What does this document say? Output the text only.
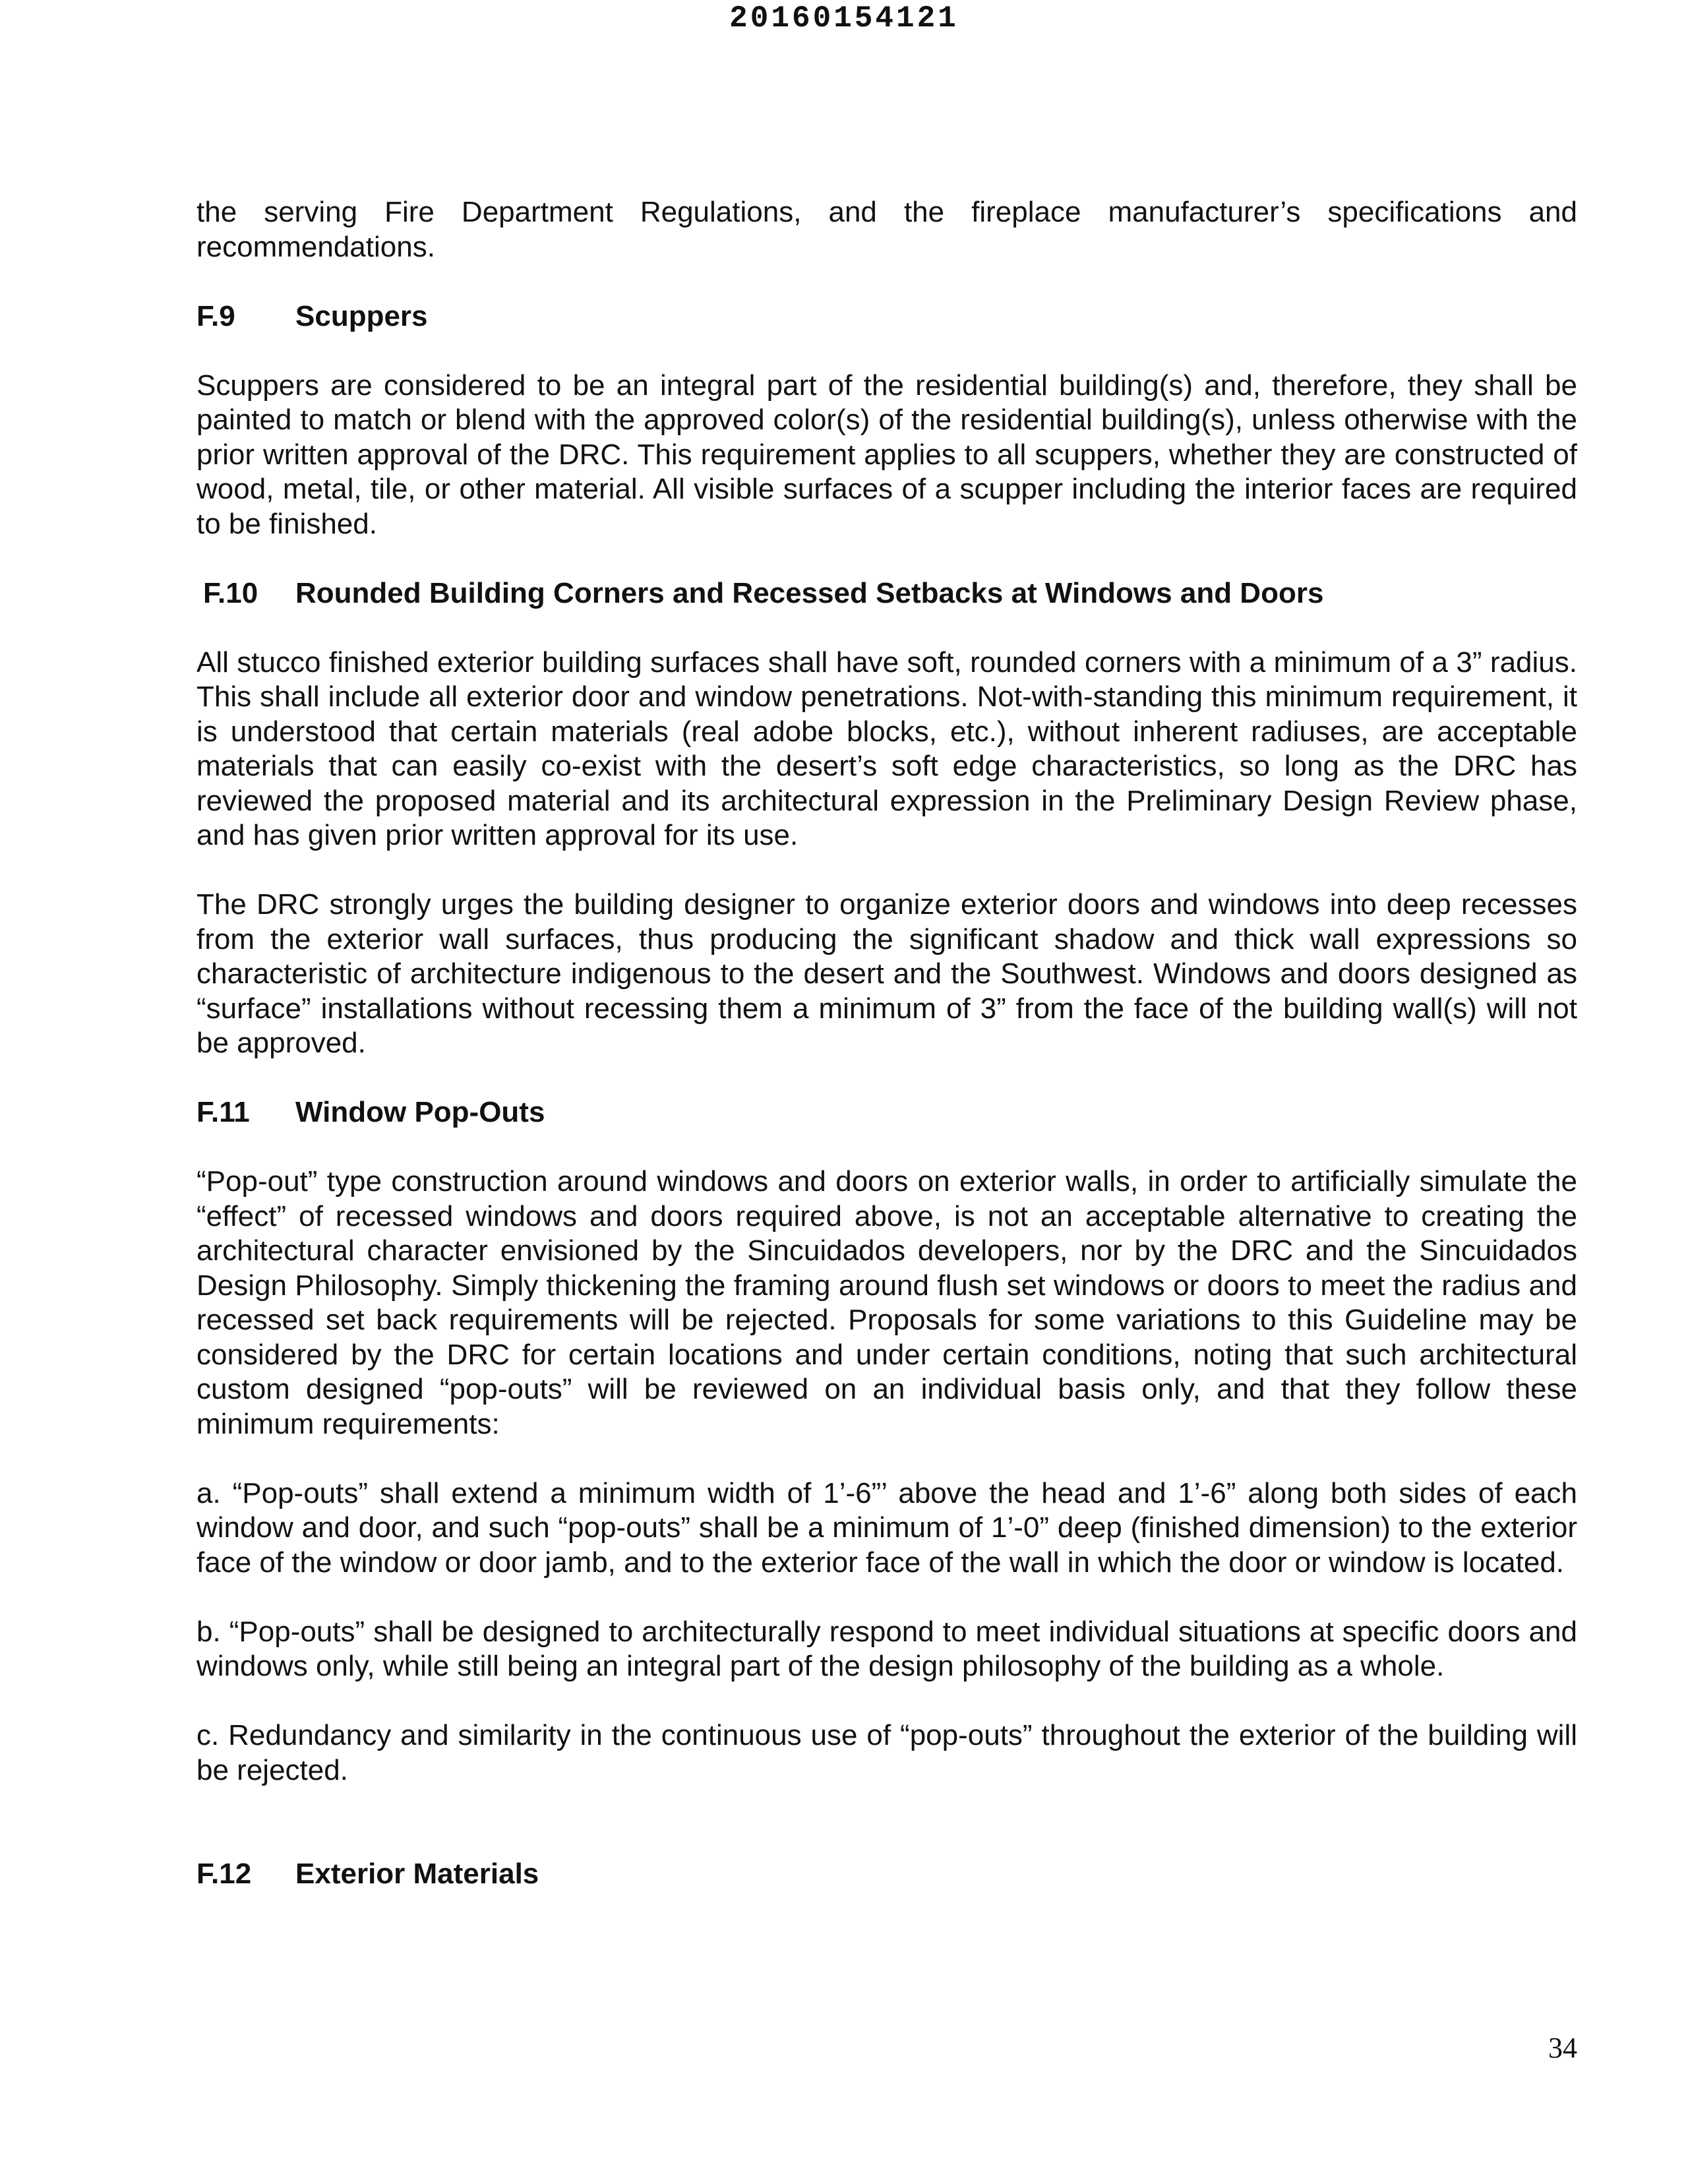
20160154121

the serving Fire Department Regulations, and the fireplace manufacturer’s specifications and recommendations.

F.9	Scuppers

Scuppers are considered to be an integral part of the residential building(s) and, therefore, they shall be painted to match or blend with the approved color(s) of the residential building(s), unless otherwise with the prior written approval of the DRC. This requirement applies to all scuppers, whether they are constructed of wood, metal, tile, or other material. All visible surfaces of a scupper including the interior faces are required to be finished.

F.10	Rounded Building Corners and Recessed Setbacks at Windows and Doors

All stucco finished exterior building surfaces shall have soft, rounded corners with a minimum of a 3” radius. This shall include all exterior door and window penetrations. Not-with-standing this minimum requirement, it is understood that certain materials (real adobe blocks, etc.), without inherent radiuses, are acceptable materials that can easily co-exist with the desert’s soft edge characteristics, so long as the DRC has reviewed the proposed material and its architectural expression in the Preliminary Design Review phase, and has given prior written approval for its use.

The DRC strongly urges the building designer to organize exterior doors and windows into deep recesses from the exterior wall surfaces, thus producing the significant shadow and thick wall expressions so characteristic of architecture indigenous to the desert and the Southwest. Windows and doors designed as “surface” installations without recessing them a minimum of 3” from the face of the building wall(s) will not be approved.

F.11	Window Pop-Outs

“Pop-out” type construction around windows and doors on exterior walls, in order to artificially simulate the “effect” of recessed windows and doors required above, is not an acceptable alternative to creating the architectural character envisioned by the Sincuidados developers, nor by the DRC and the Sincuidados Design Philosophy. Simply thickening the framing around flush set windows or doors to meet the radius and recessed set back requirements will be rejected. Proposals for some variations to this Guideline may be considered by the DRC for certain locations and under certain conditions, noting that such architectural custom designed “pop-outs” will be reviewed on an individual basis only, and that they follow these minimum requirements:

a. “Pop-outs” shall extend a minimum width of 1’-6”’ above the head and 1’-6” along both sides of each window and door, and such “pop-outs” shall be a minimum of 1’-0” deep (finished dimension) to the exterior face of the window or door jamb, and to the exterior face of the wall in which the door or window is located.

b. “Pop-outs” shall be designed to architecturally respond to meet individual situations at specific doors and windows only, while still being an integral part of the design philosophy of the building as a whole.

c. Redundancy and similarity in the continuous use of “pop-outs” throughout the exterior of the building will be rejected.

F.12	Exterior Materials
34
